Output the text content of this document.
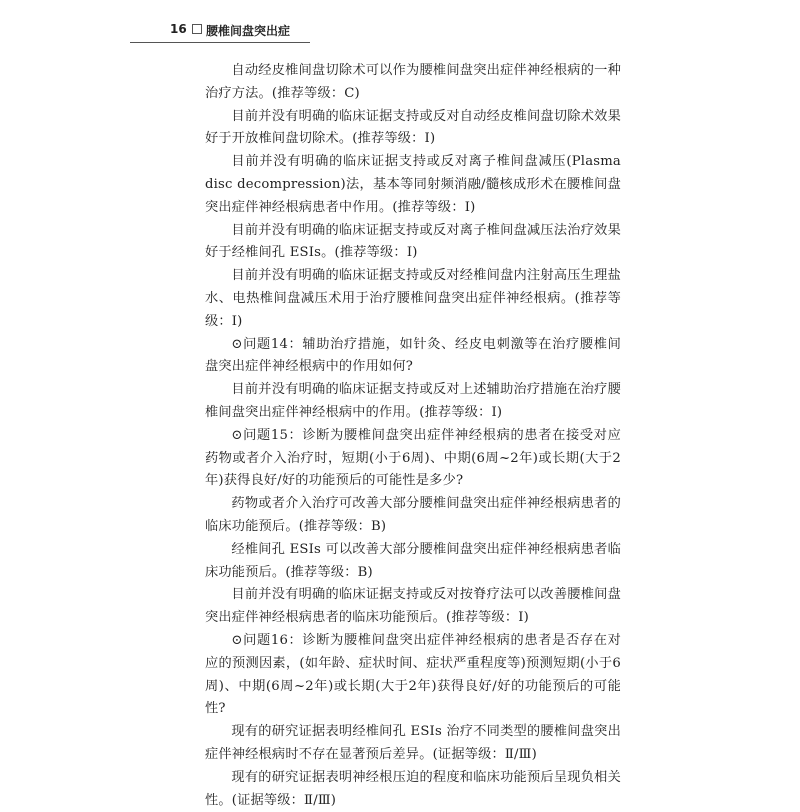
16 腰椎间盘突出症

自动经皮椎间盘切除术可以作为腰椎间盘突出症伴神经根病的一种治疗方法。(推荐等级：C)

目前并没有明确的临床证据支持或反对自动经皮椎间盘切除术效果好于开放椎间盘切除术。(推荐等级：Ⅰ)

目前并没有明确的临床证据支持或反对离子椎间盘减压(Plasma disc decompression)法，基本等同射频消融/髓核成形术在腰椎间盘突出症伴神经根病患者中作用。(推荐等级：Ⅰ)

目前并没有明确的临床证据支持或反对离子椎间盘减压法治疗效果好于经椎间孔 ESIs。(推荐等级：Ⅰ)

目前并没有明确的临床证据支持或反对经椎间盘内注射高压生理盐水、电热椎间盘减压术用于治疗腰椎间盘突出症伴神经根病。(推荐等级：Ⅰ)

⊙问题14：辅助治疗措施，如针灸、经皮电刺激等在治疗腰椎间盘突出症伴神经根病中的作用如何?

目前并没有明确的临床证据支持或反对上述辅助治疗措施在治疗腰椎间盘突出症伴神经根病中的作用。(推荐等级：Ⅰ)

⊙问题15：诊断为腰椎间盘突出症伴神经根病的患者在接受对应药物或者介入治疗时，短期(小于6周)、中期(6周~2年)或长期(大于2年)获得良好/好的功能预后的可能性是多少?

药物或者介入治疗可改善大部分腰椎间盘突出症伴神经根病患者的临床功能预后。(推荐等级：B)

经椎间孔 ESIs 可以改善大部分腰椎间盘突出症伴神经根病患者临床功能预后。(推荐等级：B)

目前并没有明确的临床证据支持或反对按脊疗法可以改善腰椎间盘突出症伴神经根病患者的临床功能预后。(推荐等级：Ⅰ)

⊙问题16：诊断为腰椎间盘突出症伴神经根病的患者是否存在对应的预测因素，(如年龄、症状时间、症状严重程度等)预测短期(小于6周)、中期(6周~2年)或长期(大于2年)获得良好/好的功能预后的可能性?

现有的研究证据表明经椎间孔 ESIs 治疗不同类型的腰椎间盘突出症伴神经根病时不存在显著预后差异。(证据等级：Ⅱ/Ⅲ)

现有的研究证据表明神经根压迫的程度和临床功能预后呈现负相关性。(证据等级：Ⅱ/Ⅲ)
